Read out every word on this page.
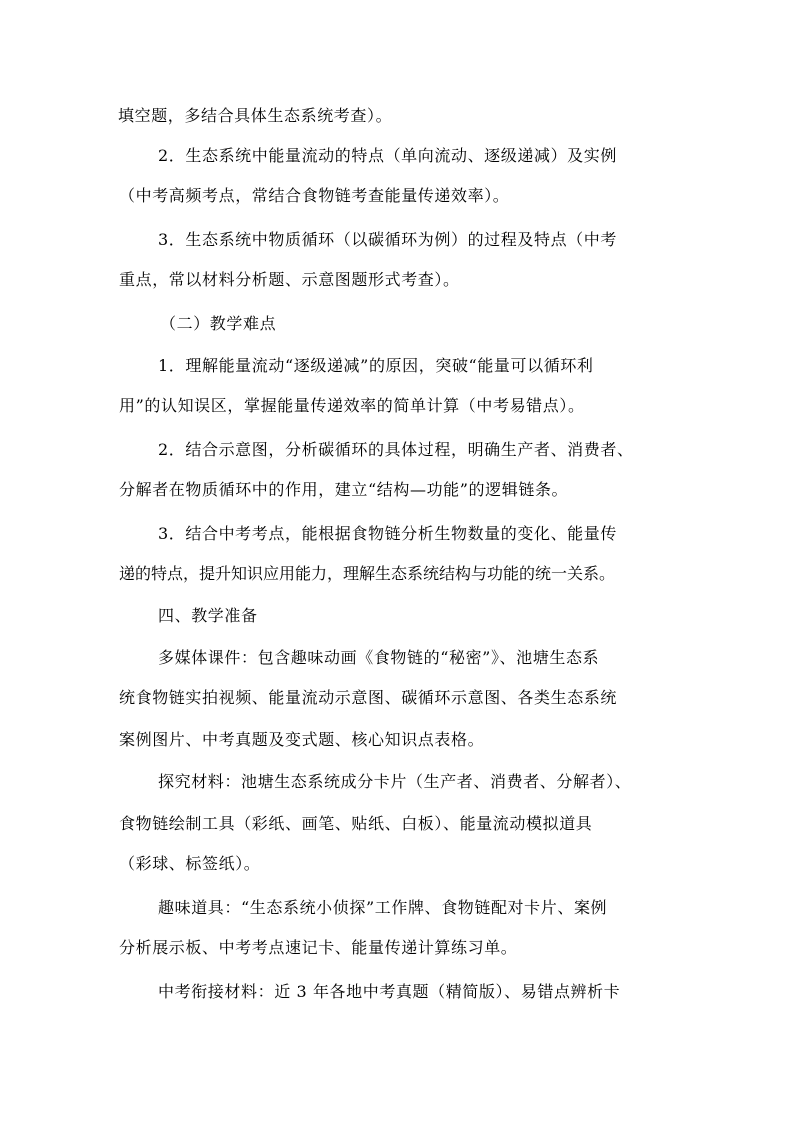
填空题，多结合具体生态系统考查）。
2．生态系统中能量流动的特点（单向流动、逐级递减）及实例
（中考高频考点，常结合食物链考查能量传递效率）。
3．生态系统中物质循环（以碳循环为例）的过程及特点（中考
重点，常以材料分析题、示意图题形式考查）。
（二）教学难点
1．理解能量流动“逐级递减”的原因，突破“能量可以循环利
用”的认知误区，掌握能量传递效率的简单计算（中考易错点）。
2．结合示意图，分析碳循环的具体过程，明确生产者、消费者、
分解者在物质循环中的作用，建立“结构—功能”的逻辑链条。
3．结合中考考点，能根据食物链分析生物数量的变化、能量传
递的特点，提升知识应用能力，理解生态系统结构与功能的统一关系。
四、教学准备
多媒体课件：包含趣味动画《食物链的“秘密”》、池塘生态系
统食物链实拍视频、能量流动示意图、碳循环示意图、各类生态系统
案例图片、中考真题及变式题、核心知识点表格。
探究材料：池塘生态系统成分卡片（生产者、消费者、分解者）、
食物链绘制工具（彩纸、画笔、贴纸、白板）、能量流动模拟道具
（彩球、标签纸）。
趣味道具：“生态系统小侦探”工作牌、食物链配对卡片、案例
分析展示板、中考考点速记卡、能量传递计算练习单。
中考衔接材料：近 3 年各地中考真题（精简版）、易错点辨析卡
